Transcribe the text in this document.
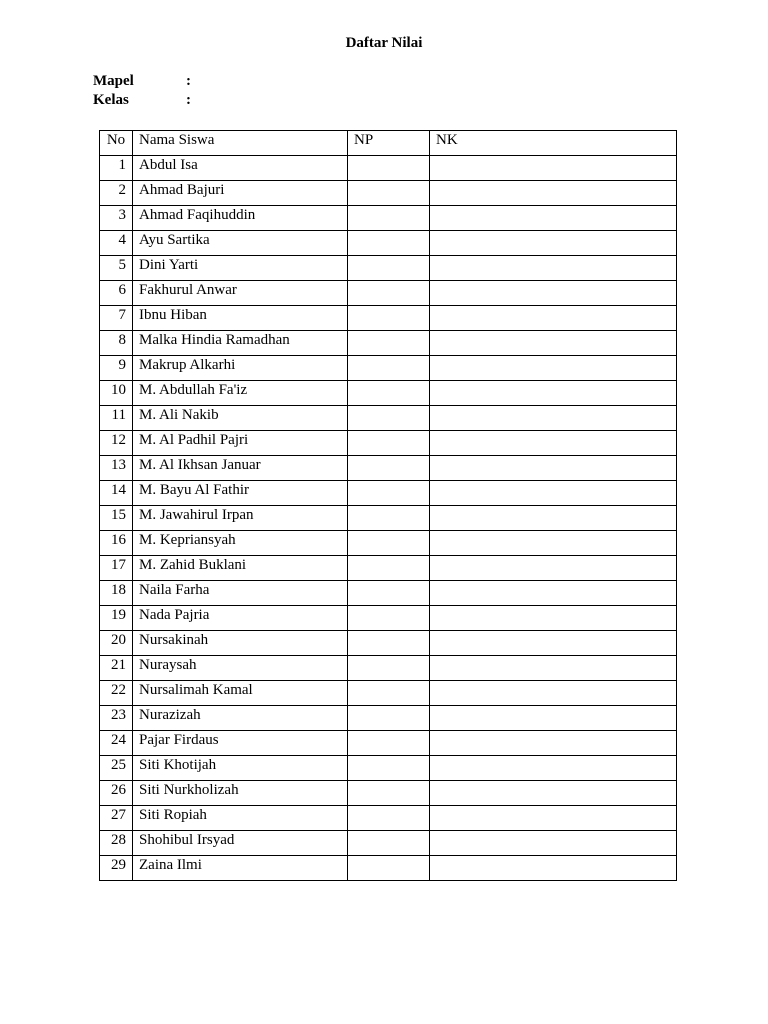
Daftar Nilai
Mapel	:
Kelas	:
No	Nama Siswa	NP	NK
1	Abdul Isa		
2	Ahmad Bajuri		
3	Ahmad Faqihuddin		
4	Ayu Sartika		
5	Dini Yarti		
6	Fakhurul Anwar		
7	Ibnu Hiban		
8	Malka Hindia Ramadhan		
9	Makrup Alkarhi		
10	M. Abdullah Fa'iz		
11	M. Ali Nakib		
12	M. Al Padhil Pajri		
13	M. Al Ikhsan Januar		
14	M. Bayu Al Fathir		
15	M. Jawahirul Irpan		
16	M. Kepriansyah		
17	M. Zahid Buklani		
18	Naila Farha		
19	Nada Pajria		
20	Nursakinah		
21	Nuraysah		
22	Nursalimah Kamal		
23	Nurazizah		
24	Pajar Firdaus		
25	Siti Khotijah		
26	Siti Nurkholizah		
27	Siti Ropiah		
28	Shohibul Irsyad		
29	Zaina Ilmi		
